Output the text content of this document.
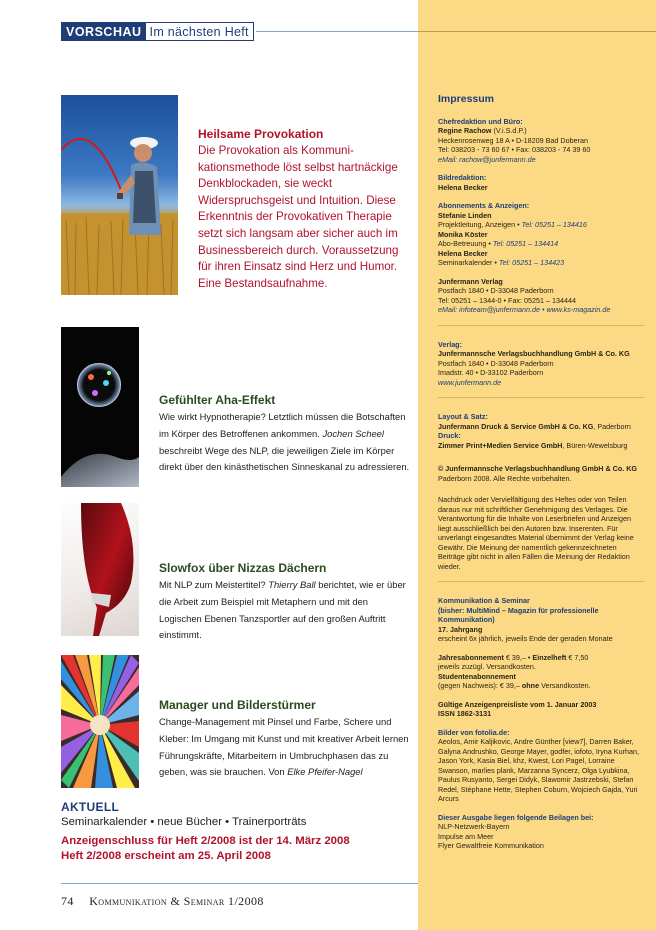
Impressum
Chefredaktion und Büro:
Regine Rachow (V.i.S.d.P.)
Heckenrosenweg 18 A • D-18209 Bad Doberan
Tel: 038203 - 73 60 67 • Fax: 038203 - 74 39 60
eMail: rachow@junfermann.de
Bildredaktion:
Helena Becker
Abonnements & Anzeigen:
Stefanie Linden
Projektleitung, Anzeigen • Tel: 05251 – 134416
Monika Köster
Abo-Betreuung • Tel: 05251 – 134414
Helena Becker
Seminarkalender • Tel: 05251 – 134423
Junfermann Verlag
Postfach 1840 • D-33048 Paderborn
Tel: 05251 – 1344-0 • Fax: 05251 – 134444
eMail: infoteam@junfermann.de • www.ks-magazin.de
Verlag:
Junfermannsche Verlagsbuchhandlung GmbH & Co. KG
Postfach 1840 • D-33048 Paderborn
Imadstr. 40 • D-33102 Paderborn
www.junfermann.de
Layout & Satz:
Junfermann Druck & Service GmbH & Co. KG, Paderborn
Druck:
Zimmer Print+Medien Service GmbH, Büren-Wewelsburg
© Junfermannsche Verlagsbuchhandlung GmbH & Co. KG
Paderborn 2008. Alle Rechte vorbehalten.
Nachdruck oder Vervielfältigung des Heftes oder von Teilen daraus nur mit schriftlicher Genehmigung des Verlages. Die Verantwortung für die Inhalte von Leserbriefen und Anzeigen liegt ausschließlich bei den Autoren bzw. Inserenten. Für unverlangt eingesandtes Material übernimmt der Verlag keine Gewähr. Die Meinung der namentlich gekennzeichneten Beiträge gibt nicht in allen Fällen die Meinung der Redaktion wieder.
Kommunikation & Seminar
(bisher: MultiMind – Magazin für professionelle Kommunikation)
17. Jahrgang
erscheint 6x jährlich, jeweils Ende der geraden Monate
Jahresabonnement € 39,– • Einzelheft € 7,50
jeweils zuzügl. Versandkosten.
Studentenabonnement
(gegen Nachweis): € 39,– ohne Versandkosten.
Gültige Anzeigenpreisliste vom 1. Januar 2003
ISSN 1862-3131
Bilder von fotolia.de:
Aeolos, Amir Kaljikovic, Andre Günther [view7], Darren Baker, Galyna Andrushko, George Mayer, godfer, iofoto, Iryna Kurhan, Jason York, Kasia Biel, khz, Kwest, Lori Pagel, Lorraine Swanson, marlies plank, Marzanna Syncerz, Olga Lyubkina, Paulus Rusyanto, Sergei Didyk, Slawomir Jastrzebski, Stefan Redel, Stéphane Hette, Stephen Coburn, Wojciech Gajda, Yuri Arcurs
Dieser Ausgabe liegen folgende Beilagen bei:
NLP-Netzwerk-Bayern
Impulse am Meer
Flyer Gewaltfreie Kommunikation
VORSCHAU Im nächsten Heft
Heilsame Provokation

Die Provokation als Kommunikationsmethode löst selbst hartnäckige Denkblockaden, sie weckt Widerspruchsgeist und Intuition. Diese Erkenntnis der Provokativen Therapie setzt sich langsam aber sicher auch im Businessbereich durch. Voraussetzung für ihren Einsatz sind Herz und Humor. Eine Bestandsaufnahme.

Gefühlter Aha-Effekt

Wie wirkt Hypnotherapie? Letztlich müssen die Botschaften im Körper des Betroffenen ankommen. Jochen Scheel beschreibt Wege des NLP, die jeweiligen Ziele im Körper direkt über den kinästhetischen Sinneskanal zu adressieren.

Slowfox über Nizzas Dächern

Mit NLP zum Meistertitel? Thierry Ball berichtet, wie er über die Arbeit zum Beispiel mit Metaphern und mit den Logischen Ebenen Tanzsportler auf den großen Auftritt einstimmt.

Manager und Bilderstürmer

Change-Management mit Pinsel und Farbe, Schere und Kleber: Im Umgang mit Kunst und mit kreativer Arbeit lernen Führungskräfte, Mitarbeitern in Umbruchphasen das zu geben, was sie brauchen. Von Elke Pfeifer-Nagel

AKTUELL
Seminarkalender • neue Bücher • Trainerporträts
Anzeigenschluss für Heft 2/2008 ist der 14. März 2008
Heft 2/2008 erscheint am 25. April 2008
74 Kommunikation & Seminar 1/2008
